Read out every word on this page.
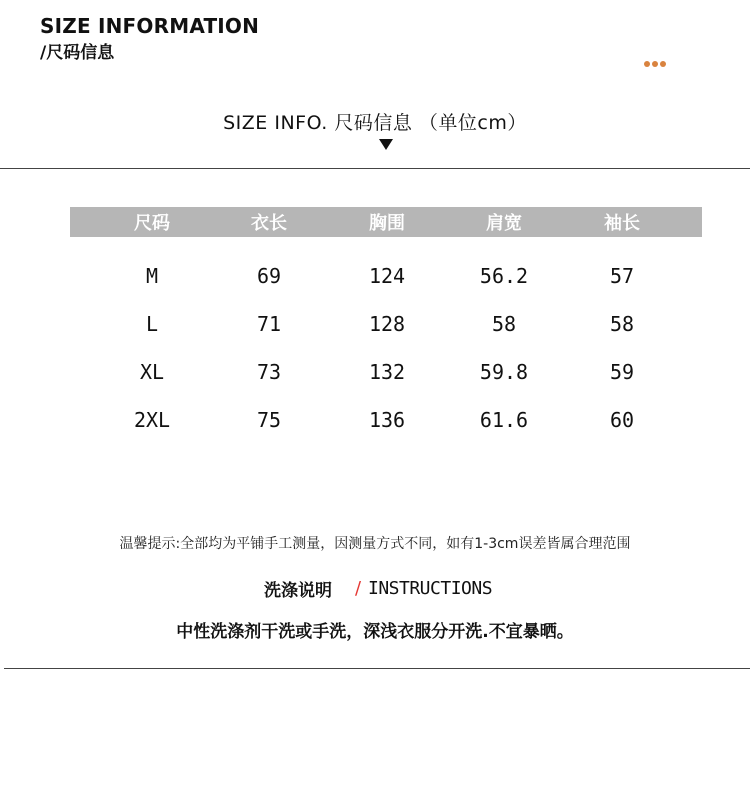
SIZE INFORMATION
/尺码信息
SIZE INFO. 尺码信息 （单位cm）
尺码	衣长	胸围	肩宽	袖长
M	69	124	56.2	57
L	71	128	58	58
XL	73	132	59.8	59
2XL	75	136	61.6	60
温馨提示:全部均为平铺手工测量，因测量方式不同，如有1-3cm误差皆属合理范围
洗涤说明 / INSTRUCTIONS
中性洗涤剂干洗或手洗，深浅衣服分开洗.不宜暴晒。
